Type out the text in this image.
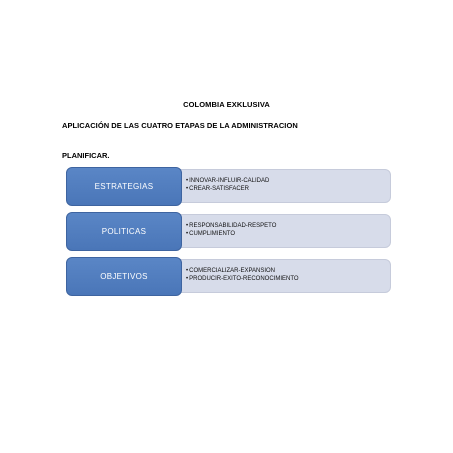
COLOMBIA EXKLUSIVA
APLICACIÓN DE LAS CUATRO ETAPAS DE LA ADMINISTRACION
PLANIFICAR.
• INNOVAR-INFLUIR-CALIDAD
• CREAR-SATISFACER
ESTRATEGIAS
• RESPONSABILIDAD-RESPETO
• CUMPLIMIENTO
POLITICAS
• COMERCIALIZAR-EXPANSION
• PRODUCIR-EXITO-RECONOCIMIENTO
OBJETIVOS
